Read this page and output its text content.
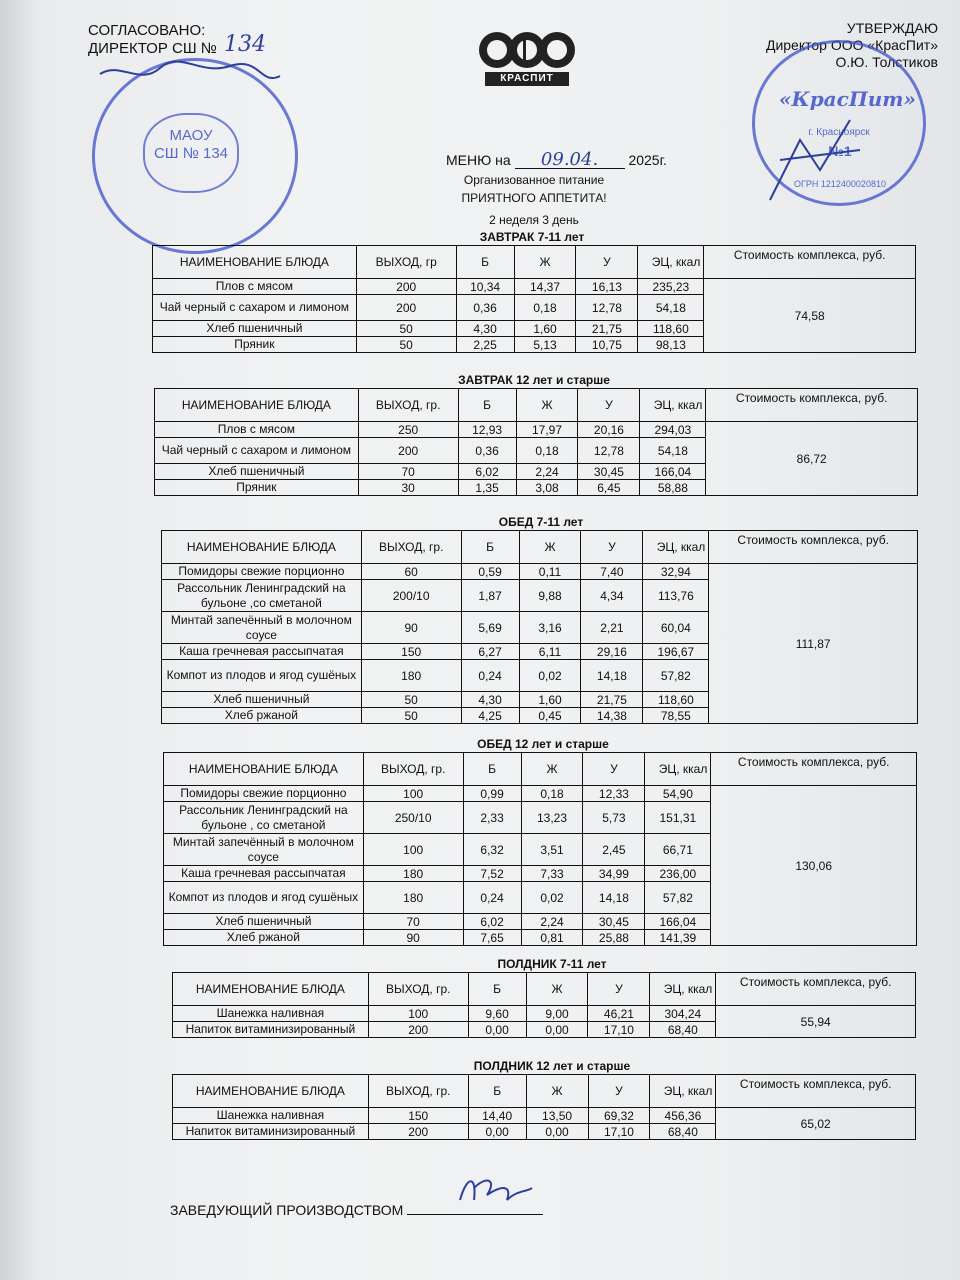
СОГЛАСОВАНО:
ДИРЕКТОР СШ № 134
УТВЕРЖДАЮ
Директор ООО «КрасПит»
О.Ю. Толстиков
КРАСПИТ
МАОУ
СШ № 134
«КрасПит»
г. Красноярск
№1
ОГРН 1212400020810
МЕНЮ на 09.04. 2025г.
Организованное питание
ПРИЯТНОГО АППЕТИТА!
2 неделя 3 день
ЗАВТРАК 7-11 лет
НАИМЕНОВАНИЕ БЛЮДА	ВЫХОД, гр	Б	Ж	У	ЭЦ, ккал	Стоимость комплекса, руб.
Плов с мясом	200	10,34	14,37	16,13	235,23	74,58
Чай черный с сахаром и лимоном	200	0,36	0,18	12,78	54,18	
Хлеб пшеничный	50	4,30	1,60	21,75	118,60	
Пряник	50	2,25	5,13	10,75	98,13	
ЗАВТРАК 12 лет и старше
НАИМЕНОВАНИЕ БЛЮДА	ВЫХОД, гр.	Б	Ж	У	ЭЦ, ккал	Стоимость комплекса, руб.
Плов с мясом	250	12,93	17,97	20,16	294,03	86,72
Чай черный с сахаром и лимоном	200	0,36	0,18	12,78	54,18	
Хлеб пшеничный	70	6,02	2,24	30,45	166,04	
Пряник	30	1,35	3,08	6,45	58,88	
ОБЕД 7-11 лет
НАИМЕНОВАНИЕ БЛЮДА	ВЫХОД, гр.	Б	Ж	У	ЭЦ, ккал	Стоимость комплекса, руб.
Помидоры свежие порционно	60	0,59	0,11	7,40	32,94	111,87
Рассольник Ленинградский на бульоне ,со сметаной	200/10	1,87	9,88	4,34	113,76	
Минтай запечённый в молочном соусе	90	5,69	3,16	2,21	60,04	
Каша гречневая рассыпчатая	150	6,27	6,11	29,16	196,67	
Компот из плодов и ягод сушёных	180	0,24	0,02	14,18	57,82	
Хлеб пшеничный	50	4,30	1,60	21,75	118,60	
Хлеб ржаной	50	4,25	0,45	14,38	78,55	
ОБЕД 12 лет и старше
НАИМЕНОВАНИЕ БЛЮДА	ВЫХОД, гр.	Б	Ж	У	ЭЦ, ккал	Стоимость комплекса, руб.
Помидоры свежие порционно	100	0,99	0,18	12,33	54,90	130,06
Рассольник Ленинградский на бульоне , со сметаной	250/10	2,33	13,23	5,73	151,31	
Минтай запечённый в молочном соусе	100	6,32	3,51	2,45	66,71	
Каша гречневая рассыпчатая	180	7,52	7,33	34,99	236,00	
Компот из плодов и ягод сушёных	180	0,24	0,02	14,18	57,82	
Хлеб пшеничный	70	6,02	2,24	30,45	166,04	
Хлеб ржаной	90	7,65	0,81	25,88	141,39	
ПОЛДНИК 7-11 лет
НАИМЕНОВАНИЕ БЛЮДА	ВЫХОД, гр.	Б	Ж	У	ЭЦ, ккал	Стоимость комплекса, руб.
Шанежка наливная	100	9,60	9,00	46,21	304,24	55,94
Напиток витаминизированный	200	0,00	0,00	17,10	68,40	
ПОЛДНИК 12 лет и старше
НАИМЕНОВАНИЕ БЛЮДА	ВЫХОД, гр.	Б	Ж	У	ЭЦ, ккал	Стоимость комплекса, руб.
Шанежка наливная	150	14,40	13,50	69,32	456,36	65,02
Напиток витаминизированный	200	0,00	0,00	17,10	68,40	
ЗАВЕДУЮЩИЙ ПРОИЗВОДСТВОМ
